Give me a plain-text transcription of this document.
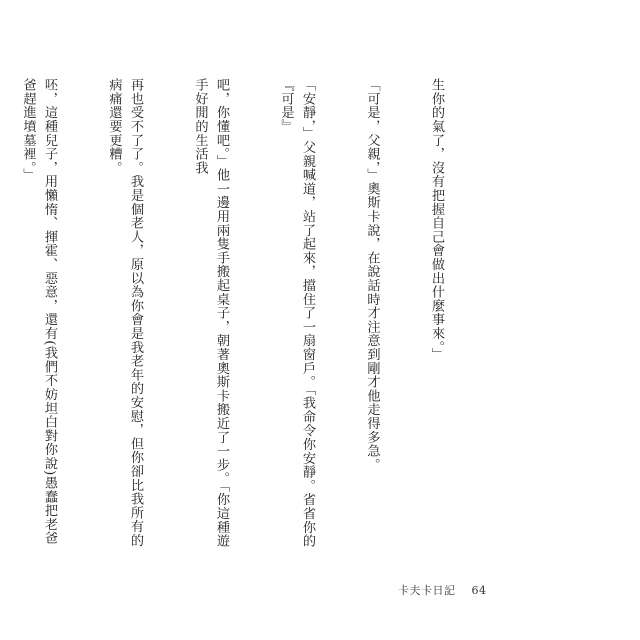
生你的氣了，沒有把握自己會做出什麼事來。」

「可是，父親，」奧斯卡說，在說話時才注意到剛才他走得多急。

「安靜，」父親喊道，站了起來，擋住了一扇窗戶。「我命令你安靜。省省你的『可是』

吧，你懂吧。」他一邊用兩隻手搬起桌子，朝著奧斯卡搬近了一步。「你這種遊手好閒的生活我

再也受不了了。我是個老人，原以為你會是我老年的安慰，但你卻比我所有的病痛還要更糟。

呸，這種兒子，用懶惰、揮霍、惡意，還有(我們不妨坦白對你說)愚蠢把老爸爸趕進墳墓裡。」

卡夫卡日記 64
